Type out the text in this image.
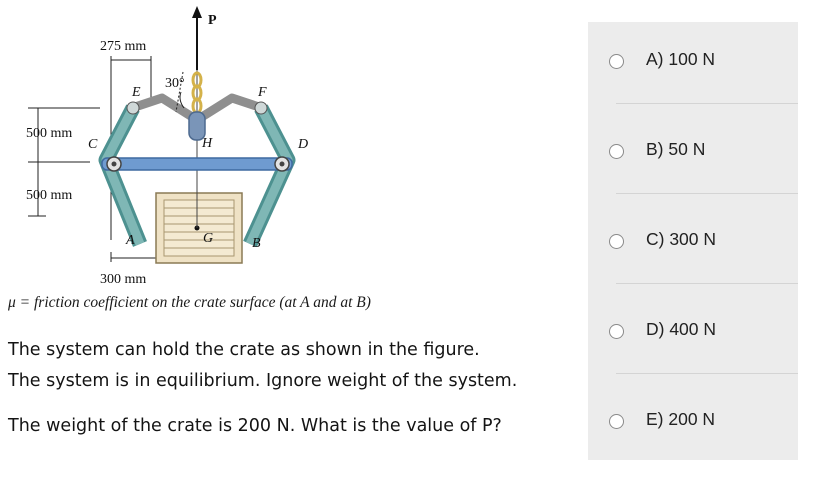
P
30°
275 mm
300 mm
500 mm
500 mm
E	F
C	D
H
G
A	B
μ = friction coefficient on the crate surface (at A and at B)
The system can hold the crate as shown in the figure.
The system is in equilibrium. Ignore weight of the system.
The weight of the crate is 200 N. What is the value of P?
A) 100 N
B) 50 N
C) 300 N
D) 400 N
E) 200 N
